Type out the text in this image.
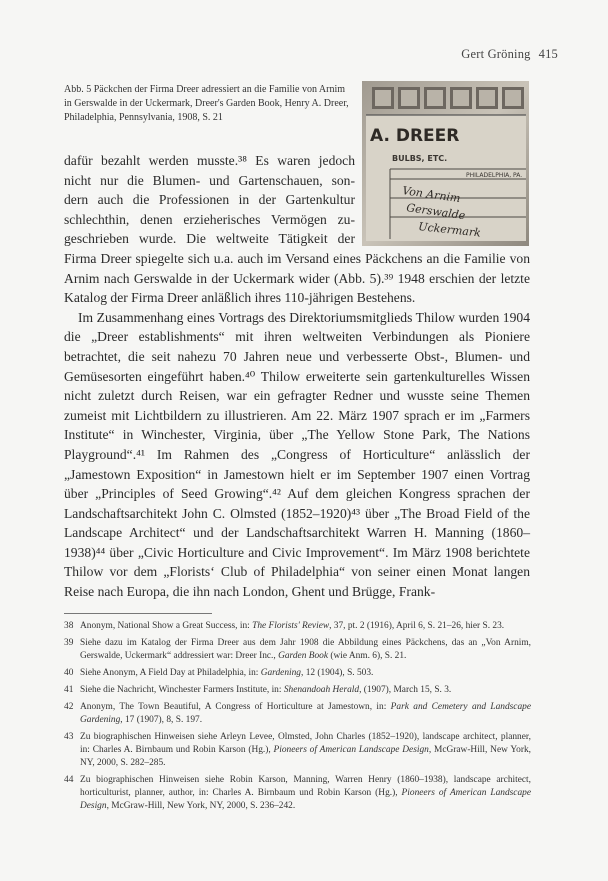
Gert Gröning 415
Abb. 5 Päckchen der Firma Dreer adressiert an die Familie von Arnim in Gerswalde in der Uckermark, Dreer's Garden Book, Henry A. Dreer, Philadelphia, Pennsylvania, 1908, S. 21
A. DREER
BULBS, ETC.
PHILADELPHIA, PA.
Von Arnim
Gerswalde
Uckermark

dafür bezahlt werden musste.³⁸ Es waren jedoch

nicht nur die Blumen- und Gartenschauen, son-

dern auch die Professionen in der Gartenkultur

schlechthin, denen erzieherisches Vermögen zu-

geschrieben wurde. Die weltweite Tätigkeit der

Firma Dreer spiegelte sich u.a. auch im Versand eines Päckchens an die Familie von Arnim nach Gerswalde in der Uckermark wider (Abb. 5).³⁹ 1948 erschien der letzte Katalog der Firma Dreer anläßlich ihres 110-jährigen Bestehens.

Im Zusammenhang eines Vortrags des Direktoriumsmitglieds Thilow wurden 1904 die „Dreer establishments“ mit ihren weltweiten Verbindungen als Pioniere betrachtet, die seit nahezu 70 Jahren neue und verbesserte Obst-, Blumen- und Gemüsesorten eingeführt haben.⁴⁰ Thilow erweiterte sein gartenkulturelles Wissen nicht zuletzt durch Reisen, war ein gefragter Redner und wusste seine Themen zumeist mit Lichtbildern zu illustrieren. Am 22. März 1907 sprach er im „Farmers Institute“ in Winchester, Virginia, über „The Yellow Stone Park, The Nations Playground“.⁴¹ Im Rahmen des „Congress of Horticulture“ anlässlich der „Jamestown Exposition“ in Jamestown hielt er im September 1907 einen Vortrag über „Principles of Seed Growing“.⁴² Auf dem gleichen Kongress sprachen der Landschaftsarchitekt John C. Olmsted (1852–1920)⁴³ über „The Broad Field of the Landscape Architect“ und der Landschaftsarchitekt Warren H. Manning (1860–1938)⁴⁴ über „Civic Horticulture and Civic Improvement“. Im März 1908 berichtete Thilow vor dem „Florists‘ Club of Philadelphia“ von seiner einen Monat langen Reise nach Europa, die ihn nach London, Ghent und Brügge, Frank-

38 Anonym, National Show a Great Success, in: The Florists' Review, 37, pt. 2 (1916), April 6, S. 21–26, hier S. 23.
39 Siehe dazu im Katalog der Firma Dreer aus dem Jahr 1908 die Abbildung eines Päckchens, das an „Von Arnim, Gerswalde, Uckermark“ addressiert war: Dreer Inc., Garden Book (wie Anm. 6), S. 21.
40 Siehe Anonym, A Field Day at Philadelphia, in: Gardening, 12 (1904), S. 503.
41 Siehe die Nachricht, Winchester Farmers Institute, in: Shenandoah Herald, (1907), March 15, S. 3.
42 Anonym, The Town Beautiful, A Congress of Horticulture at Jamestown, in: Park and Cemetery and Landscape Gardening, 17 (1907), 8, S. 197.
43 Zu biographischen Hinweisen siehe Arleyn Levee, Olmsted, John Charles (1852–1920), landscape architect, planner, in: Charles A. Birnbaum und Robin Karson (Hg.), Pioneers of American Landscape Design, McGraw-Hill, New York, NY, 2000, S. 282–285.
44 Zu biographischen Hinweisen siehe Robin Karson, Manning, Warren Henry (1860–1938), landscape architect, horticulturist, planner, author, in: Charles A. Birnbaum und Robin Karson (Hg.), Pioneers of American Landscape Design, McGraw-Hill, New York, NY, 2000, S. 236–242.
